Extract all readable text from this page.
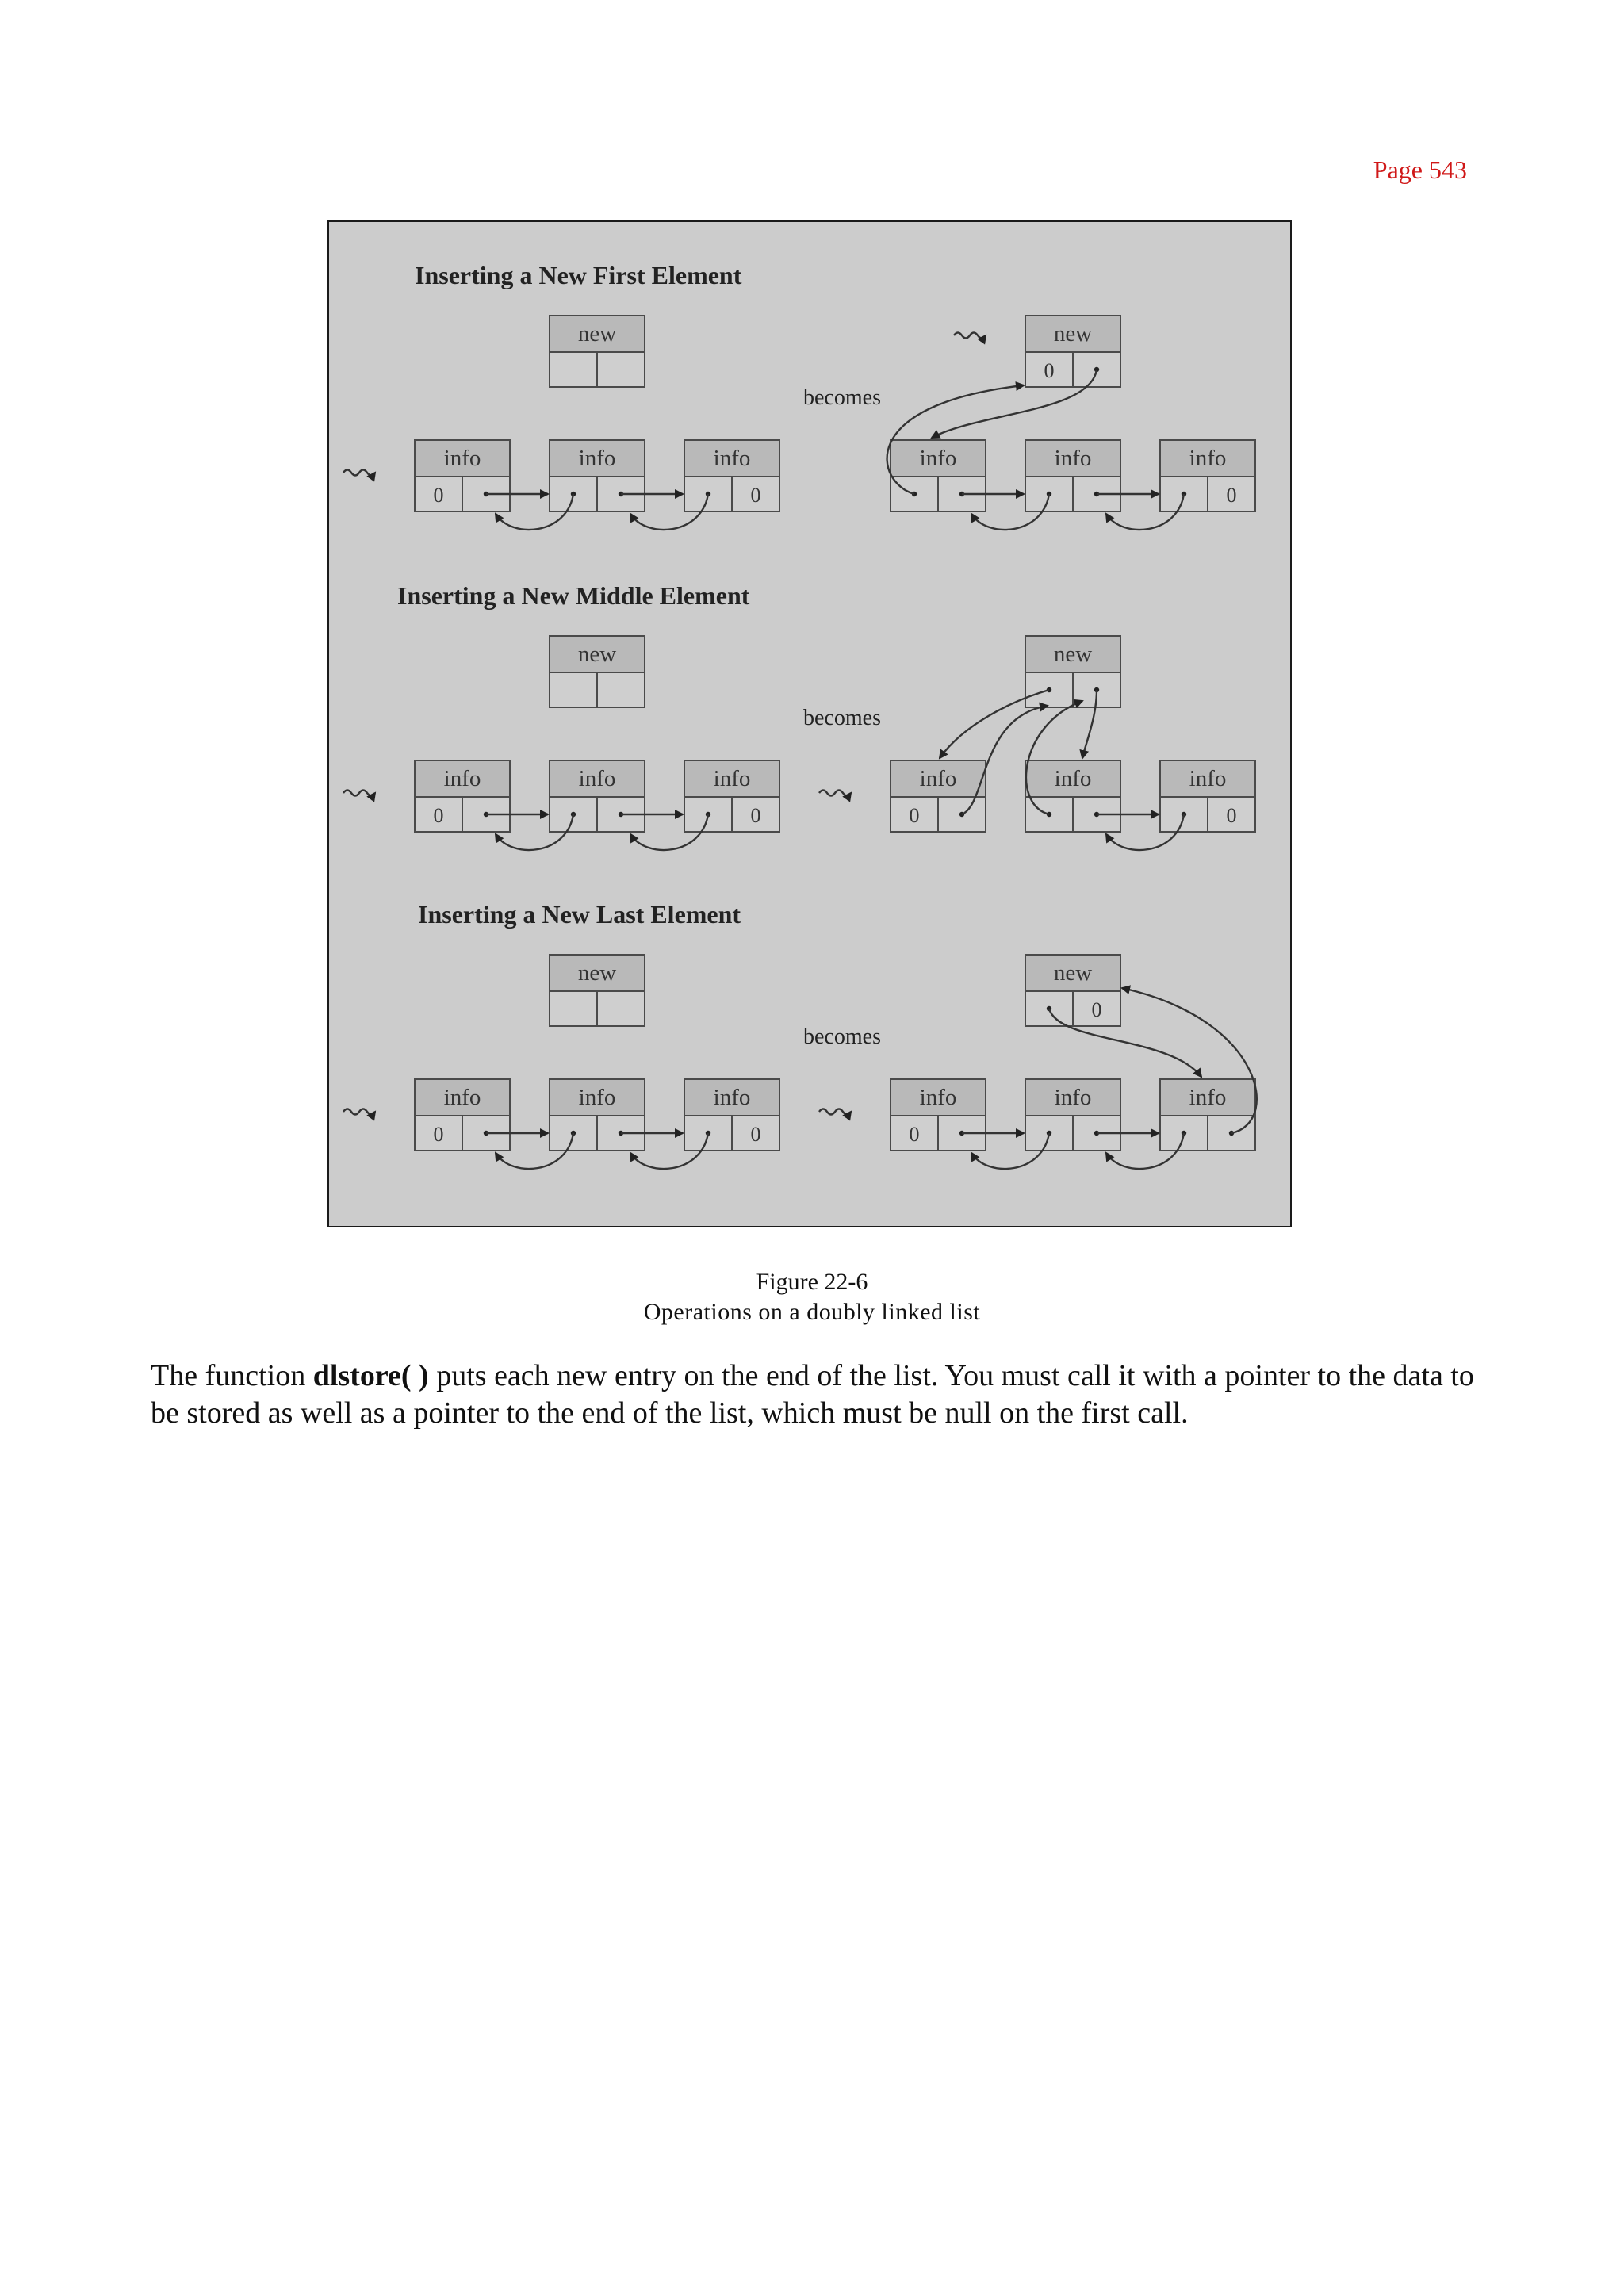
Page 543
Inserting a New First Element
new
info
0
info	info
0
becomes
Inserting a New Middle Element
new
info
0
info	info
0
becomes
Inserting a New Last Element
new
info
0
info	info
0
becomes
new
0
info	info	info
0
new
info
0
info	info
0
new
0
info
0
info	info
Figure 22-6
Operations on a doubly linked list

The function dlstore( ) puts each new entry on the end of the list. You must call it with a pointer to the data to be stored as well as a pointer to the end of the list, which must be null on the first call.
